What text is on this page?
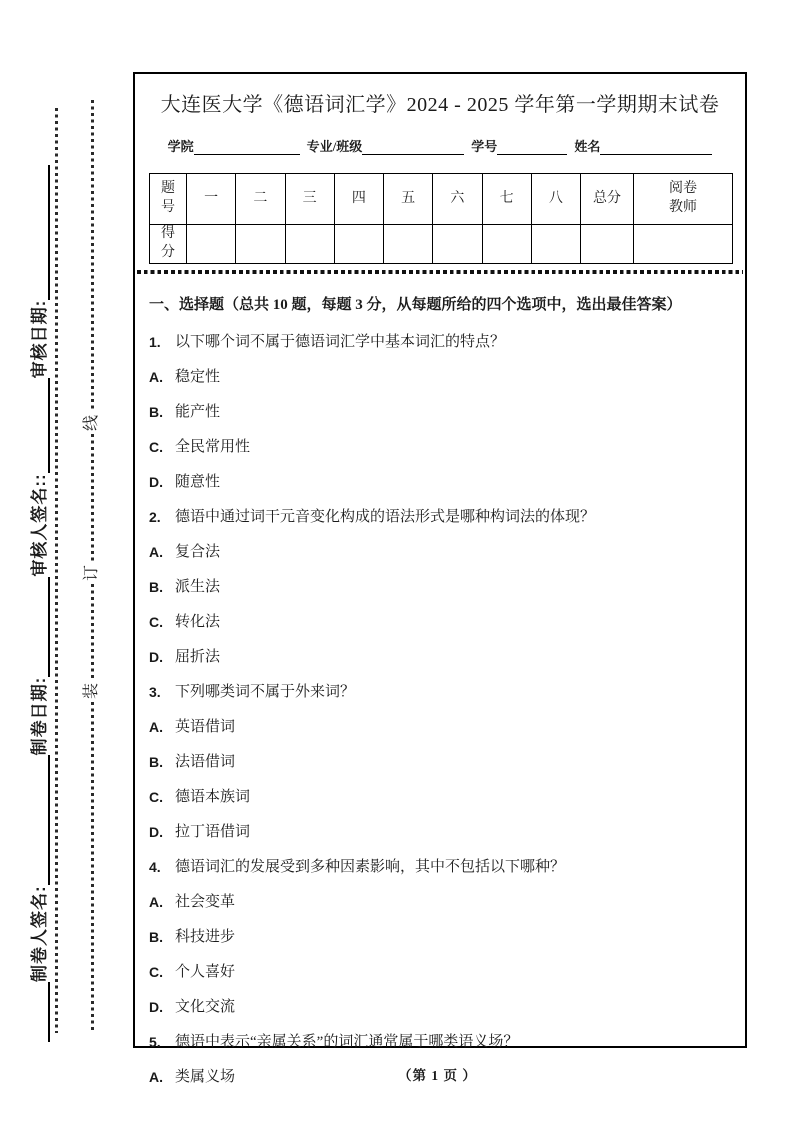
制卷人签名:
制卷日期:
审核人签名::
审核日期:
线
订
装
大连医大学《德语词汇学》2024 - 2025 学年第一学期期末试卷
学院	专业/班级	学号	姓名
题号	一	二	三	四	五	六	七	八	总分	阅卷教师
得分										
一、选择题（总共 10 题，每题 3 分，从每题所给的四个选项中，选出最佳答案）
1. 以下哪个词不属于德语词汇学中基本词汇的特点？
A. 稳定性
B. 能产性
C. 全民常用性
D. 随意性
2. 德语中通过词干元音变化构成的语法形式是哪种构词法的体现？
A. 复合法
B. 派生法
C. 转化法
D. 屈折法
3. 下列哪类词不属于外来词？
A. 英语借词
B. 法语借词
C. 德语本族词
D. 拉丁语借词
4. 德语词汇的发展受到多种因素影响，其中不包括以下哪种？
A. 社会变革
B. 科技进步
C. 个人喜好
D. 文化交流
5. 德语中表示“亲属关系”的词汇通常属于哪类语义场？
A. 类属义场	（第 1 页 ）
